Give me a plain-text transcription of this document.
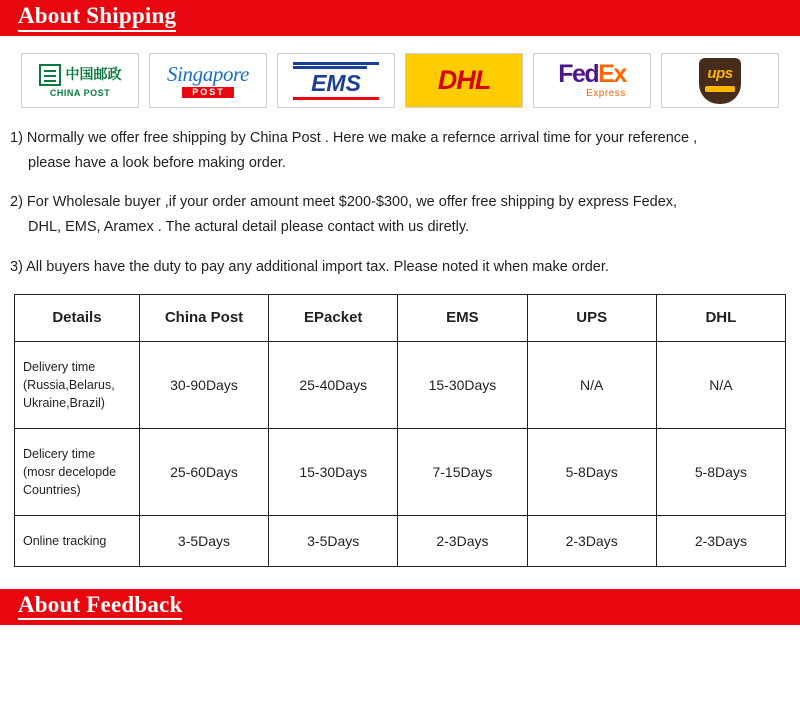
About Shipping
中国邮政
CHINA POST
Singapore
POST	EMS	DHL	FedEx
Express
ups

1) Normally we offer free shipping by China Post . Here we make a refernce arrival time for your reference ,
please have a look before making order.

2) For Wholesale buyer ,if your order amount meet $200-$300, we offer free shipping by express Fedex,
DHL, EMS, Aramex . The actural detail please contact with us diretly.

3) All buyers have the duty to pay any additional import tax. Please noted it when make order.

Details	China Post	EPacket	EMS	UPS	DHL
Delivery time
(Russia,Belarus,
Ukraine,Brazil)	30-90Days	25-40Days	15-30Days	N/A	N/A
Delicery time
(mosr decelopde
Countries)	25-60Days	15-30Days	7-15Days	5-8Days	5-8Days
Online tracking	3-5Days	3-5Days	2-3Days	2-3Days	2-3Days
About Feedback
